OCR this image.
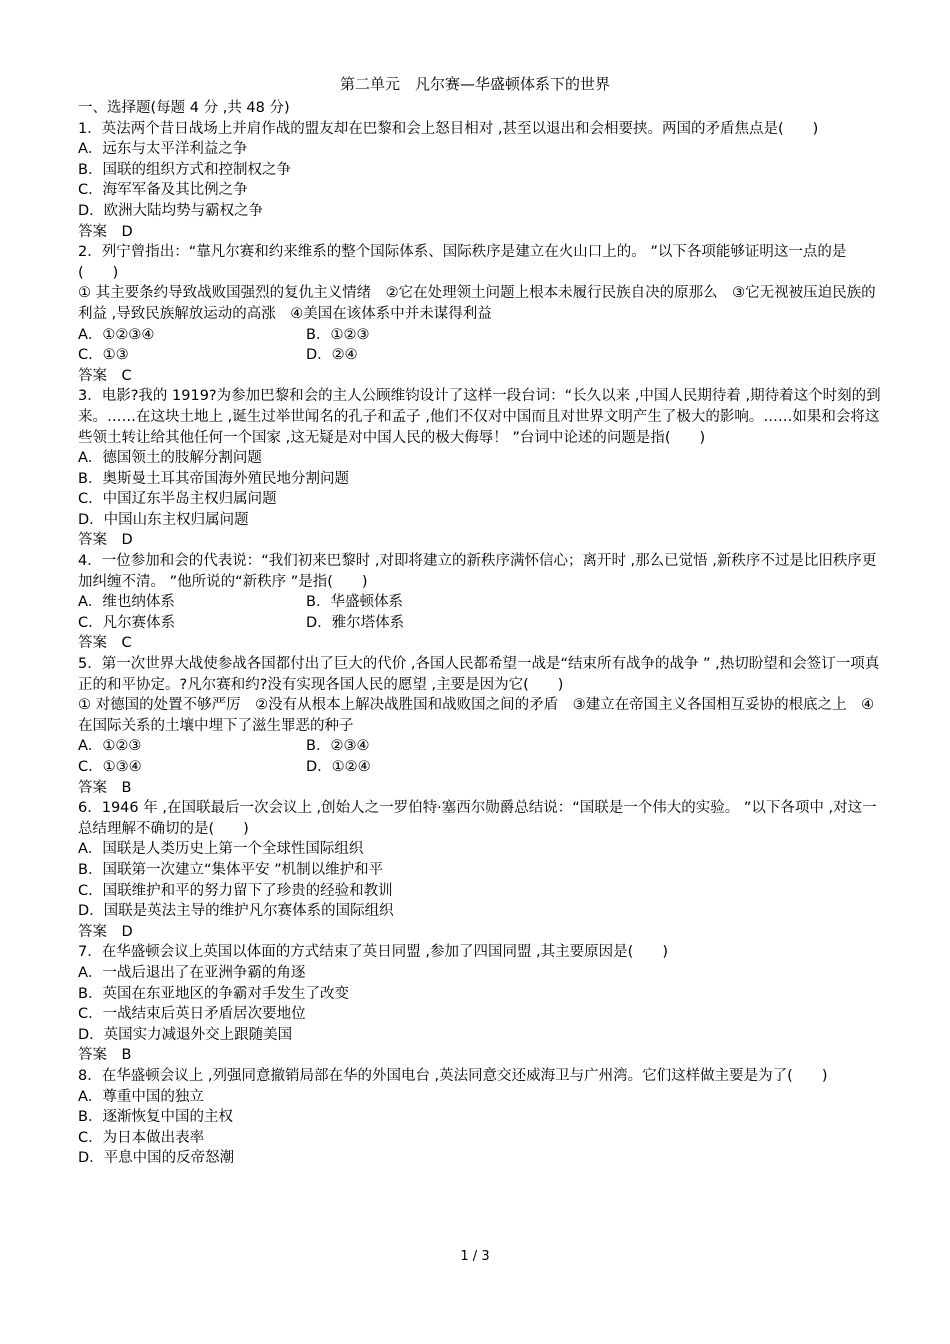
第二单元　凡尔赛—华盛顿体系下的世界
一、选择题(每题 4 分 ,共 48 分)
1．英法两个昔日战场上并肩作战的盟友却在巴黎和会上怒目相对 ,甚至以退出和会相要挟。两国的矛盾焦点是(　　)
A．远东与太平洋利益之争
B．国联的组织方式和控制权之争
C．海军军备及其比例之争
D．欧洲大陆均势与霸权之争
答案　D
2．列宁曾指出：“靠凡尔赛和约来维系的整个国际体系、国际秩序是建立在火山口上的。 ”以下各项能够证明这一点的是(　　)
① 其主要条约导致战败国强烈的复仇主义情绪　②它在处理领土问题上根本未履行民族自决的原那么　③它无视被压迫民族的利益 ,导致民族解放运动的高涨　④美国在该体系中并未谋得利益
A．①②③④	B．①②③
C．①③	D．②④
答案　C
3．电影?我的 1919?为参加巴黎和会的主人公顾维钧设计了这样一段台词：“长久以来 ,中国人民期待着 ,期待着这个时刻的到来。……在这块土地上 ,诞生过举世闻名的孔子和孟子 ,他们不仅对中国而且对世界文明产生了极大的影响。……如果和会将这些领土转让给其他任何一个国家 ,这无疑是对中国人民的极大侮辱！ ”台词中论述的问题是指(　　)
A．德国领土的肢解分割问题
B．奥斯曼土耳其帝国海外殖民地分割问题
C．中国辽东半岛主权归属问题
D．中国山东主权归属问题
答案　D
4．一位参加和会的代表说：“我们初来巴黎时 ,对即将建立的新秩序满怀信心；离开时 ,那么已觉悟 ,新秩序不过是比旧秩序更加纠缠不清。 ”他所说的“新秩序 ”是指(　　)
A．维也纳体系	B．华盛顿体系
C．凡尔赛体系	D．雅尔塔体系
答案　C
5．第一次世界大战使参战各国都付出了巨大的代价 ,各国人民都希望一战是“结束所有战争的战争 ” ,热切盼望和会签订一项真正的和平协定。?凡尔赛和约?没有实现各国人民的愿望 ,主要是因为它(　　)
① 对德国的处置不够严厉　②没有从根本上解决战胜国和战败国之间的矛盾　③建立在帝国主义各国相互妥协的根底之上　④在国际关系的土壤中埋下了滋生罪恶的种子
A．①②③	B．②③④
C．①③④	D．①②④
答案　B
6．1946 年 ,在国联最后一次会议上 ,创始人之一罗伯特·塞西尔勋爵总结说：“国联是一个伟大的实验。 ”以下各项中 ,对这一总结理解不确切的是(　　)
A．国联是人类历史上第一个全球性国际组织
B．国联第一次建立“集体平安 ”机制以维护和平
C．国联维护和平的努力留下了珍贵的经验和教训
D．国联是英法主导的维护凡尔赛体系的国际组织
答案　D
7．在华盛顿会议上英国以体面的方式结束了英日同盟 ,参加了四国同盟 ,其主要原因是(　　)
A．一战后退出了在亚洲争霸的角逐
B．英国在东亚地区的争霸对手发生了改变
C．一战结束后英日矛盾居次要地位
D．英国实力减退外交上跟随美国
答案　B
8．在华盛顿会议上 ,列强同意撤销局部在华的外国电台 ,英法同意交还威海卫与广州湾。它们这样做主要是为了(　　)
A．尊重中国的独立
B．逐渐恢复中国的主权
C．为日本做出表率
D．平息中国的反帝怒潮
1 / 3
